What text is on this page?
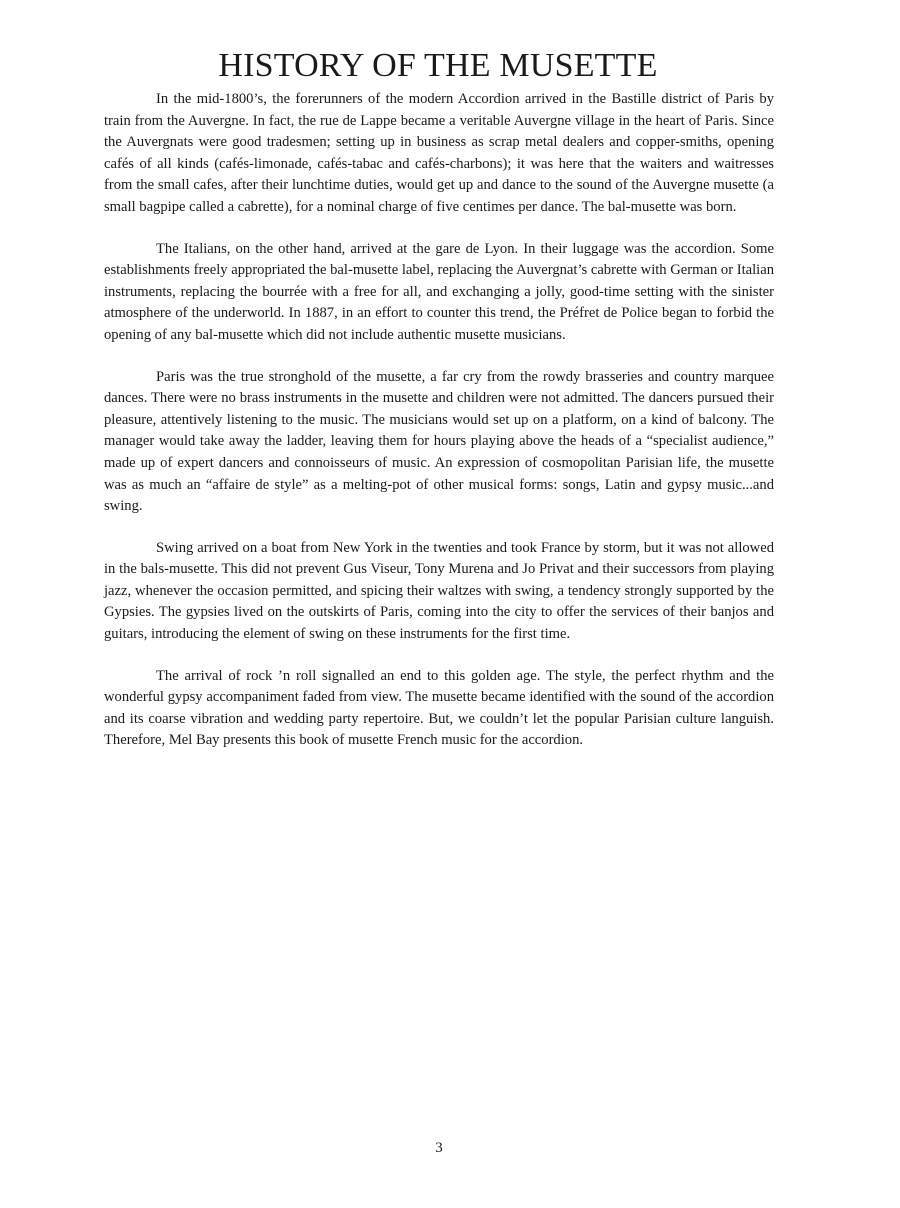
HISTORY OF THE MUSETTE

In the mid-1800’s, the forerunners of the modern Accordion arrived in the Bastille district of Paris by train from the Auvergne. In fact, the rue de Lappe became a veritable Auvergne village in the heart of Paris. Since the Auvergnats were good tradesmen; setting up in business as scrap metal dealers and copper-smiths, opening cafés of all kinds (cafés-limonade, cafés-tabac and cafés-charbons); it was here that the waiters and waitresses from the small cafes, after their lunchtime duties, would get up and dance to the sound of the Auvergne musette (a small bagpipe called a cabrette), for a nominal charge of five centimes per dance. The bal-musette was born.

The Italians, on the other hand, arrived at the gare de Lyon. In their luggage was the accordion. Some establishments freely appropriated the bal-musette label, replacing the Auvergnat’s cabrette with German or Italian instruments, replacing the bourrée with a free for all, and exchanging a jolly, good-time setting with the sinister atmosphere of the underworld. In 1887, in an effort to counter this trend, the Préfret de Police began to forbid the opening of any bal-musette which did not include authentic musette musicians.

Paris was the true stronghold of the musette, a far cry from the rowdy brasseries and country marquee dances. There were no brass instruments in the musette and children were not admitted. The dancers pursued their pleasure, attentively listening to the music. The musicians would set up on a platform, on a kind of balcony. The manager would take away the ladder, leaving them for hours playing above the heads of a “specialist audience,” made up of expert dancers and connoisseurs of music. An expression of cosmopolitan Parisian life, the musette was as much an “affaire de style” as a melting-pot of other musical forms: songs, Latin and gypsy music...and swing.

Swing arrived on a boat from New York in the twenties and took France by storm, but it was not allowed in the bals-musette. This did not prevent Gus Viseur, Tony Murena and Jo Privat and their successors from playing jazz, whenever the occasion permitted, and spicing their waltzes with swing, a tendency strongly supported by the Gypsies. The gypsies lived on the outskirts of Paris, coming into the city to offer the services of their banjos and guitars, introducing the element of swing on these instruments for the first time.

The arrival of rock ’n roll signalled an end to this golden age. The style, the perfect rhythm and the wonderful gypsy accompaniment faded from view. The musette became identified with the sound of the accordion and its coarse vibration and wedding party repertoire. But, we couldn’t let the popular Parisian culture languish. Therefore, Mel Bay presents this book of musette French music for the accordion.

3
